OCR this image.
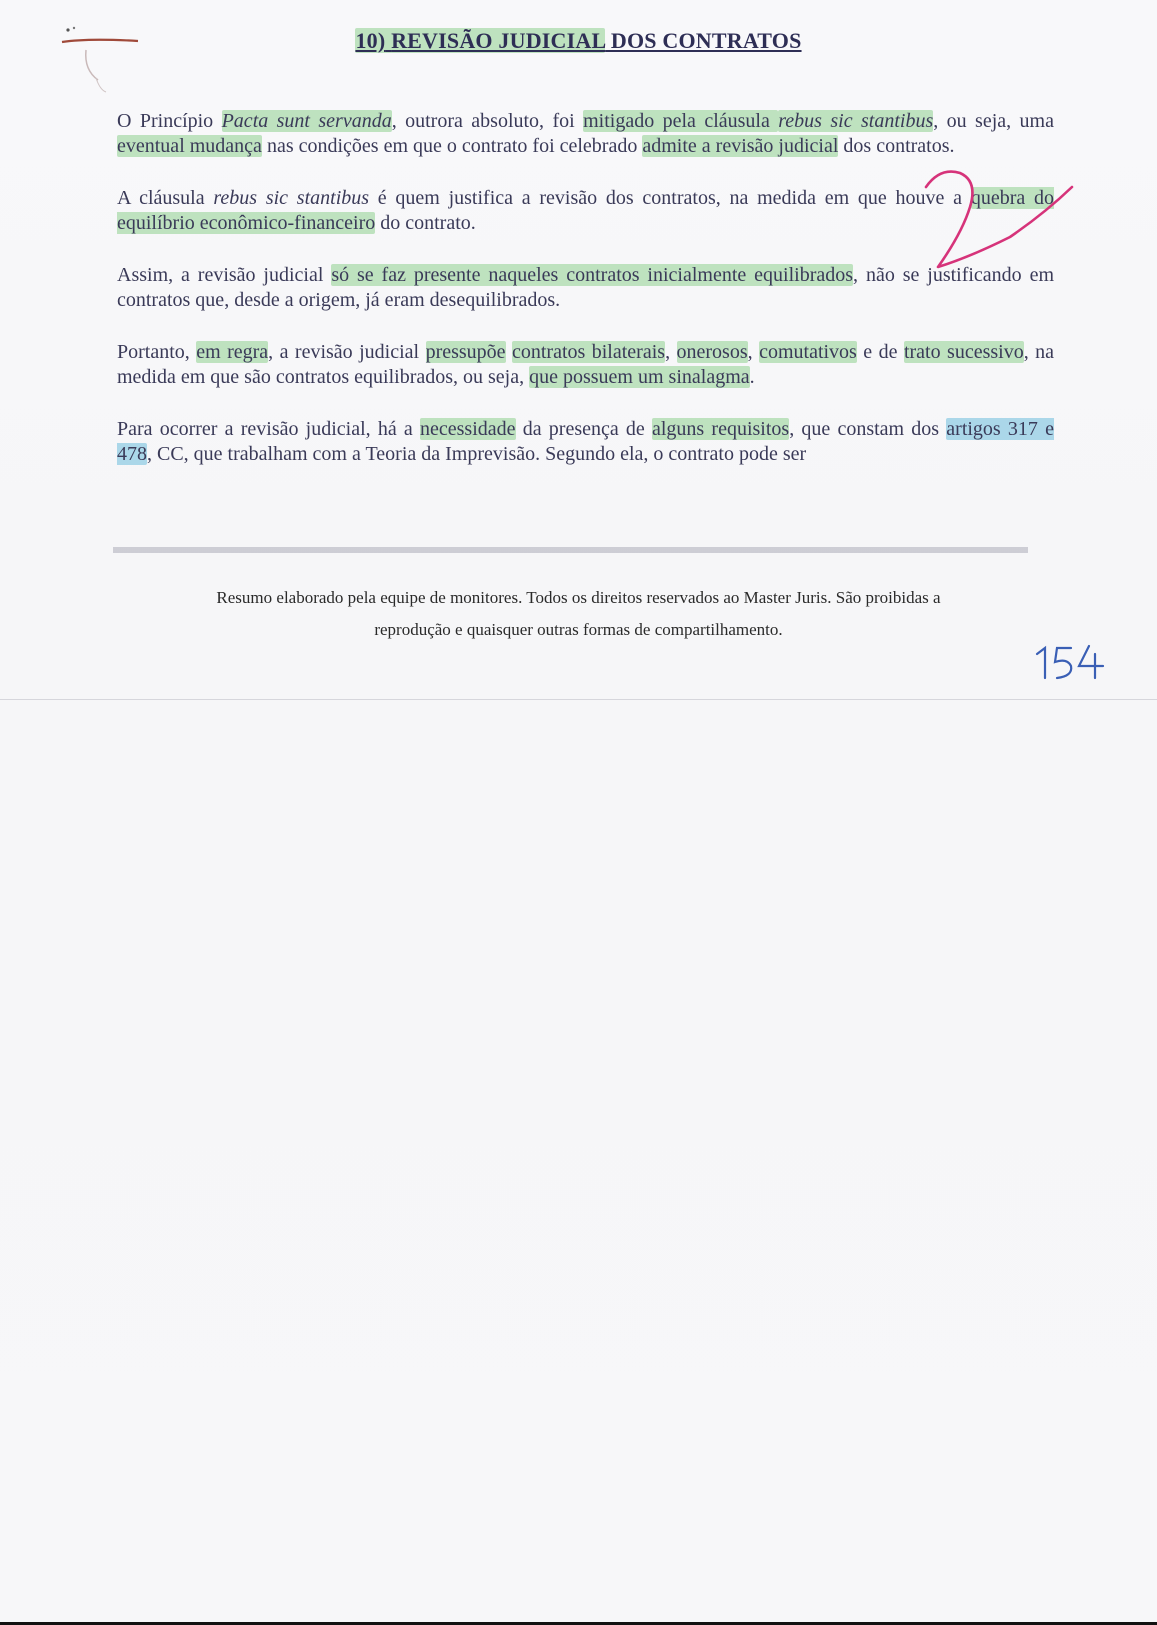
10) REVISÃO JUDICIAL DOS CONTRATOS

O Princípio Pacta sunt servanda, outrora absoluto, foi mitigado pela cláusula rebus sic stantibus, ou seja, uma eventual mudança nas condições em que o contrato foi celebrado admite a revisão judicial dos contratos.

A cláusula rebus sic stantibus é quem justifica a revisão dos contratos, na medida em que houve a quebra do equilíbrio econômico-financeiro do contrato.

Assim, a revisão judicial só se faz presente naqueles contratos inicialmente equilibrados, não se justificando em contratos que, desde a origem, já eram desequilibrados.

Portanto, em regra, a revisão judicial pressupõe contratos bilaterais, onerosos, comutativos e de trato sucessivo, na medida em que são contratos equilibrados, ou seja, que possuem um sinalagma.

Para ocorrer a revisão judicial, há a necessidade da presença de alguns requisitos, que constam dos artigos 317 e 478, CC, que trabalham com a Teoria da Imprevisão. Segundo ela, o contrato pode ser

Resumo elaborado pela equipe de monitores. Todos os direitos reservados ao Master Juris. São proibidas a
reprodução e quaisquer outras formas de compartilhamento.
